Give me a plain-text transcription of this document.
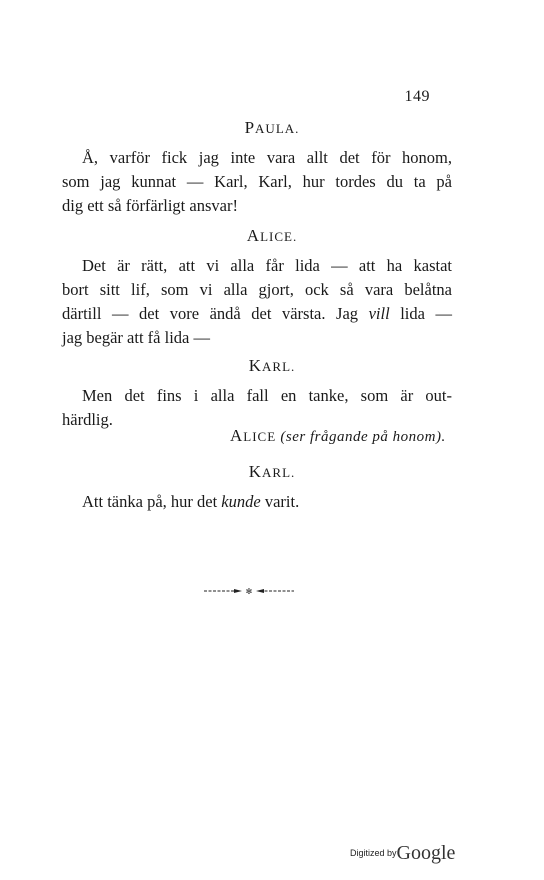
149
PAULA.
Å, varför fick jag inte vara allt det för honom,
som jag kunnat — Karl, Karl, hur tordes du ta på
dig ett så förfärligt ansvar!
ALICE.
Det är rätt, att vi alla får lida — att ha kastat
bort sitt lif, som vi alla gjort, ock så vara belåtna
därtill — det vore ändå det värsta. Jag vill lida —
jag begär att få lida —
KARL.
Men det fins i alla fall en tanke, som är out-
härdlig.
ALICE (ser frågande på honom).
KARL.
Att tänka på, hur det kunde varit.
✻
Digitized byGoogle
